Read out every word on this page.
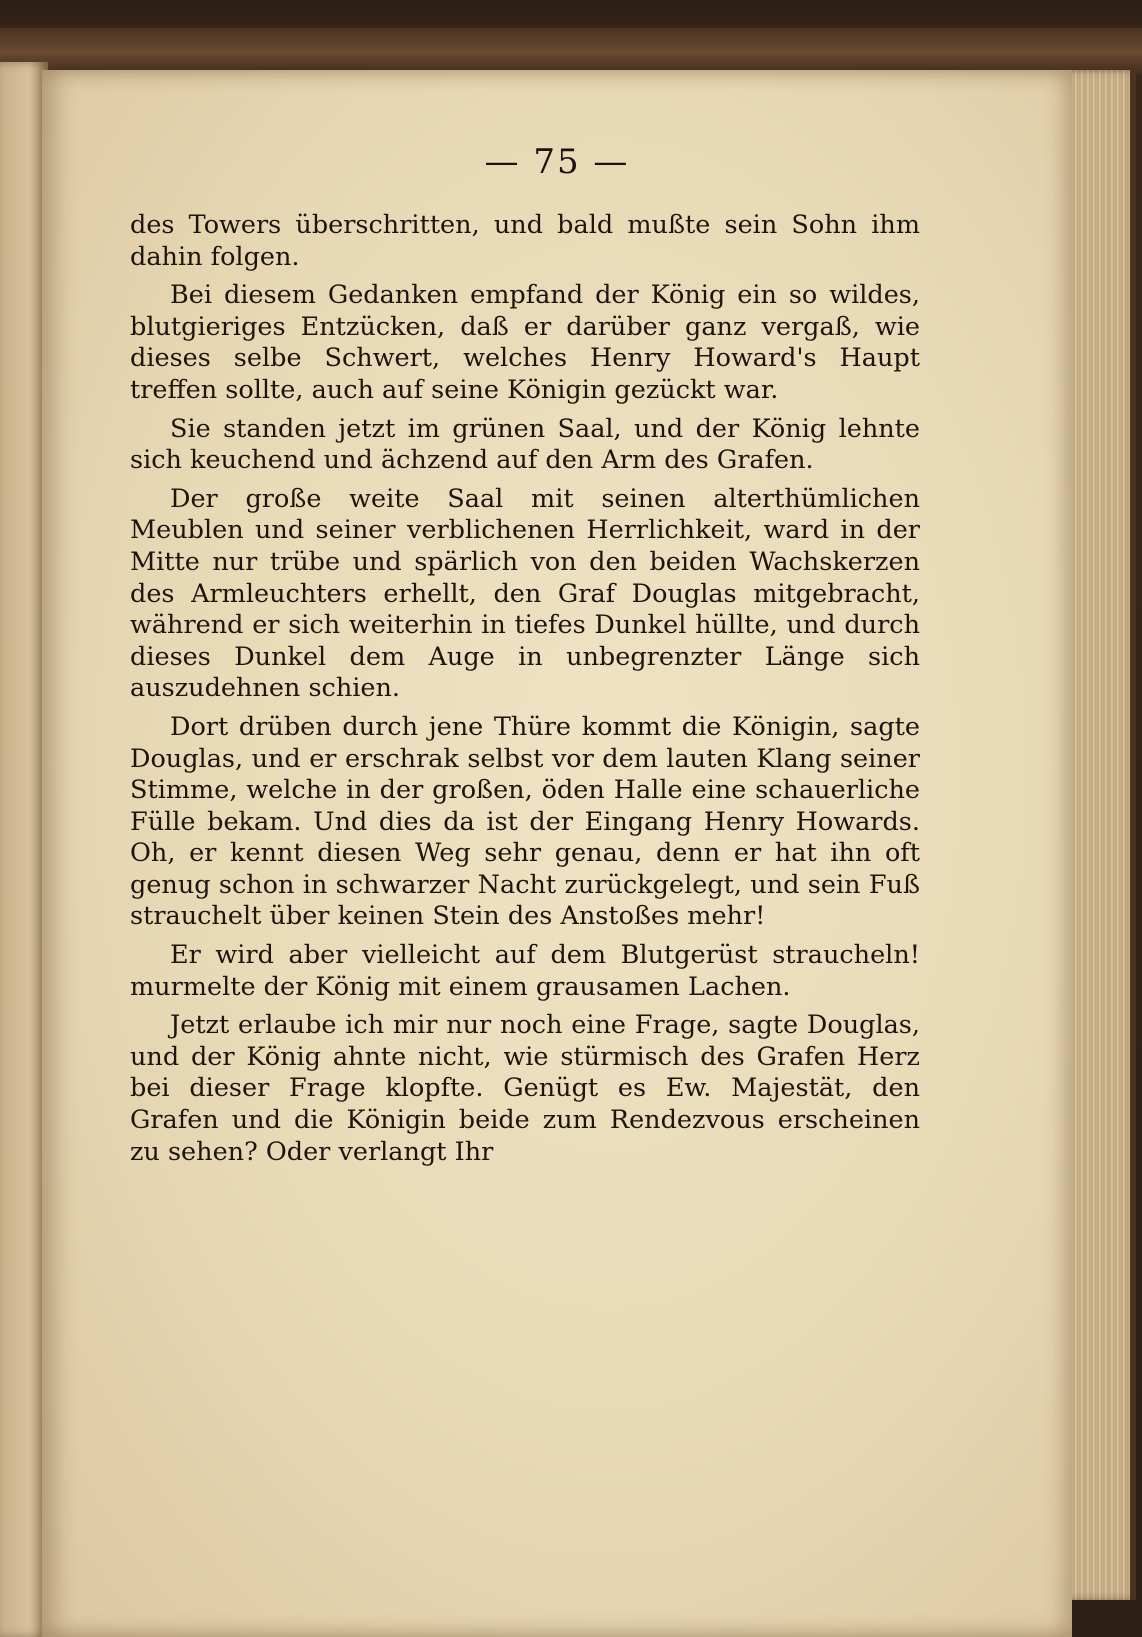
— 75 —

des Towers überschritten, und bald mußte sein Sohn ihm dahin folgen.

Bei diesem Gedanken empfand der König ein so wildes, blutgieriges Entzücken, daß er darüber ganz vergaß, wie dieses selbe Schwert, welches Henry Howard's Haupt treffen sollte, auch auf seine Königin gezückt war.

Sie standen jetzt im grünen Saal, und der König lehnte sich keuchend und ächzend auf den Arm des Grafen.

Der große weite Saal mit seinen alterthümlichen Meublen und seiner verblichenen Herrlichkeit, ward in der Mitte nur trübe und spärlich von den beiden Wachskerzen des Armleuchters erhellt, den Graf Douglas mitgebracht, während er sich weiterhin in tiefes Dunkel hüllte, und durch dieses Dunkel dem Auge in unbegrenzter Länge sich auszudehnen schien.

Dort drüben durch jene Thüre kommt die Königin, sagte Douglas, und er erschrak selbst vor dem lauten Klang seiner Stimme, welche in der großen, öden Halle eine schauerliche Fülle bekam. Und dies da ist der Eingang Henry Howards. Oh, er kennt diesen Weg sehr genau, denn er hat ihn oft genug schon in schwarzer Nacht zurückgelegt, und sein Fuß strauchelt über keinen Stein des Anstoßes mehr!

Er wird aber vielleicht auf dem Blutgerüst straucheln! murmelte der König mit einem grausamen Lachen.

Jetzt erlaube ich mir nur noch eine Frage, sagte Douglas, und der König ahnte nicht, wie stürmisch des Grafen Herz bei dieser Frage klopfte. Genügt es Ew. Majestät, den Grafen und die Königin beide zum Rendezvous erscheinen zu sehen? Oder verlangt Ihr
